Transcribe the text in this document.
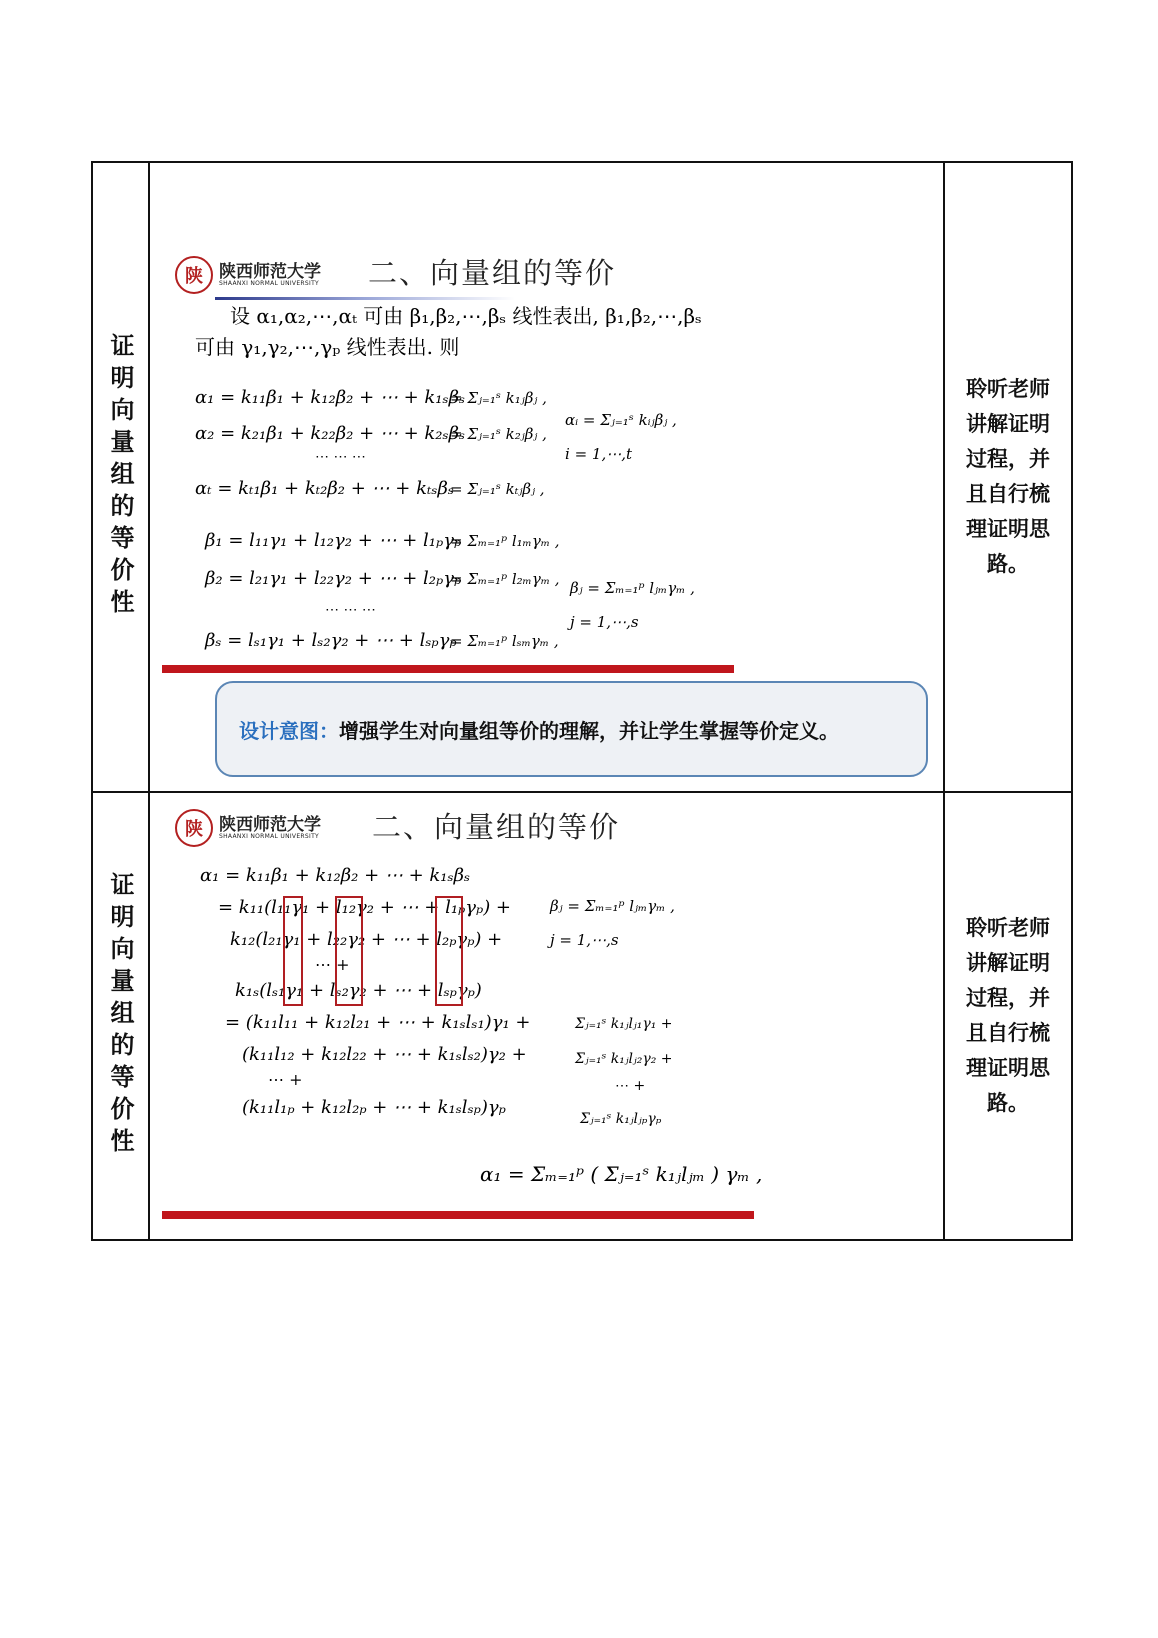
证明向量组的等价性
陕 陕西师范大学
SHAANXI NORMAL UNIVERSITY 二、向量组的等价
设 α₁,α₂,⋯,αₜ 可由 β₁,β₂,⋯,βₛ 线性表出, β₁,β₂,⋯,βₛ
可由 γ₁,γ₂,⋯,γₚ 线性表出. 则
α₁ = k₁₁β₁ + k₁₂β₂ + ⋯ + k₁ₛβₛ
= Σⱼ₌₁ˢ k₁ⱼβⱼ ,
α₂ = k₂₁β₁ + k₂₂β₂ + ⋯ + k₂ₛβₛ
= Σⱼ₌₁ˢ k₂ⱼβⱼ ,
⋯ ⋯ ⋯
αₜ = kₜ₁β₁ + kₜ₂β₂ + ⋯ + kₜₛβₛ
= Σⱼ₌₁ˢ kₜⱼβⱼ ,
αᵢ = Σⱼ₌₁ˢ kᵢⱼβⱼ ,
i = 1,⋯,t
β₁ = l₁₁γ₁ + l₁₂γ₂ + ⋯ + l₁ₚγₚ
= Σₘ₌₁ᵖ l₁ₘγₘ ,
β₂ = l₂₁γ₁ + l₂₂γ₂ + ⋯ + l₂ₚγₚ
= Σₘ₌₁ᵖ l₂ₘγₘ ,
⋯ ⋯ ⋯
βₛ = lₛ₁γ₁ + lₛ₂γ₂ + ⋯ + lₛₚγₚ
= Σₘ₌₁ᵖ lₛₘγₘ ,
βⱼ = Σₘ₌₁ᵖ lⱼₘγₘ ,
j = 1,⋯,s
设计意图： 增强学生对向量组等价的理解，并让学生掌握等价定义。
聆听老师讲解证明过程，并且自行梳理证明思路。
证明向量组的等价性
陕 陕西师范大学
SHAANXI NORMAL UNIVERSITY 二、向量组的等价
α₁ = k₁₁β₁ + k₁₂β₂ + ⋯ + k₁ₛβₛ
= k₁₁(l₁₁γ₁ + l₁₂γ₂ + ⋯ + l₁ₚγₚ) +
k₁₂(l₂₁γ₁ + l₂₂γ₂ + ⋯ + l₂ₚγₚ) +
⋯ +
k₁ₛ(lₛ₁γ₁ + lₛ₂γ₂ + ⋯ + lₛₚγₚ)
= (k₁₁l₁₁ + k₁₂l₂₁ + ⋯ + k₁ₛlₛ₁)γ₁ +
(k₁₁l₁₂ + k₁₂l₂₂ + ⋯ + k₁ₛlₛ₂)γ₂ +
⋯ +
(k₁₁l₁ₚ + k₁₂l₂ₚ + ⋯ + k₁ₛlₛₚ)γₚ
βⱼ = Σₘ₌₁ᵖ lⱼₘγₘ ,
j = 1,⋯,s
Σⱼ₌₁ˢ k₁ⱼlⱼ₁γ₁ +
Σⱼ₌₁ˢ k₁ⱼlⱼ₂γ₂ +
⋯ +
Σⱼ₌₁ˢ k₁ⱼlⱼₚγₚ
α₁ = Σₘ₌₁ᵖ ( Σⱼ₌₁ˢ k₁ⱼlⱼₘ ) γₘ ,
聆听老师讲解证明过程，并且自行梳理证明思路。
